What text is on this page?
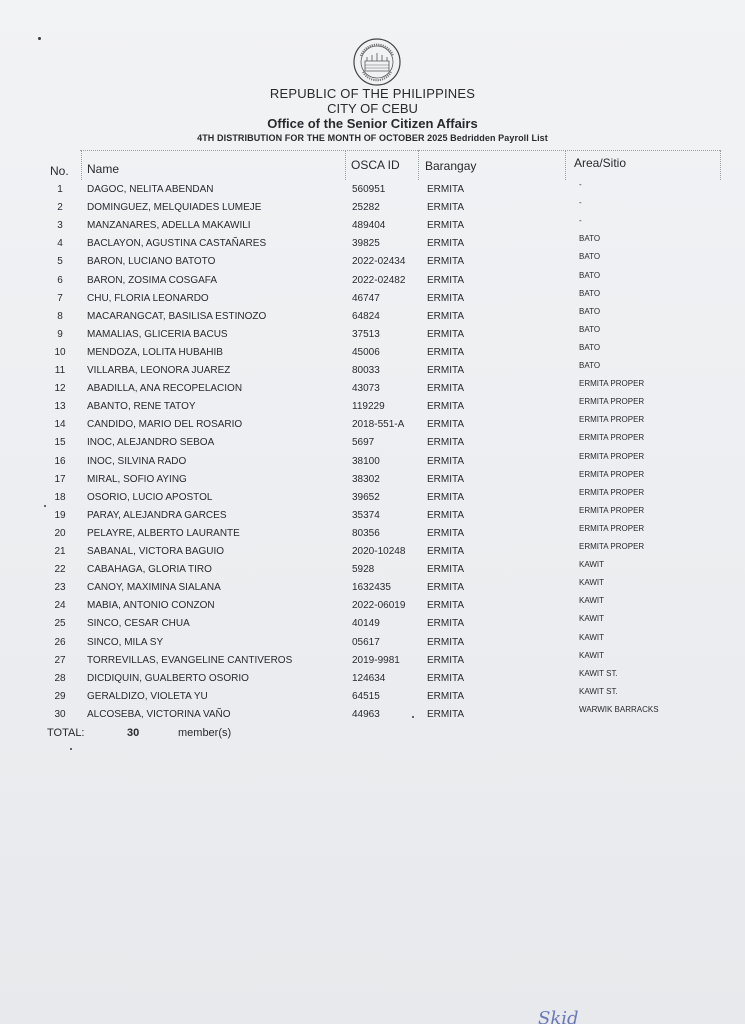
REPUBLIC OF THE PHILIPPINES
CITY OF CEBU
Office of the Senior Citizen Affairs
4TH DISTRIBUTION FOR THE MONTH OF OCTOBER 2025 Bedridden Payroll List
No. Name	OSCA ID Barangay	Area/Sitio
1	DAGOC, NELITA ABENDAN	560951	ERMITA	-
2	DOMINGUEZ, MELQUIADES LUMEJE	25282	ERMITA	-
3	MANZANARES, ADELLA MAKAWILI	489404	ERMITA	-
4	BACLAYON, AGUSTINA CASTAÑARES	39825	ERMITA	BATO
5	BARON, LUCIANO BATOTO	2022-02434 ERMITA	BATO
6	BARON, ZOSIMA COSGAFA	2022-02482 ERMITA	BATO
7	CHU, FLORIA LEONARDO	46747	ERMITA	BATO
8	MACARANGCAT, BASILISA ESTINOZO	64824	ERMITA	BATO
9	MAMALIAS, GLICERIA BACUS	37513	ERMITA	BATO
10	MENDOZA, LOLITA HUBAHIB	45006	ERMITA	BATO
11	VILLARBA, LEONORA JUAREZ	80033	ERMITA	BATO
12	ABADILLA, ANA RECOPELACION	43073	ERMITA	ERMITA PROPER
13	ABANTO, RENE TATOY	119229	ERMITA	ERMITA PROPER
14	CANDIDO, MARIO DEL ROSARIO	2018-551-A ERMITA	ERMITA PROPER
15	INOC, ALEJANDRO SEBOA	5697	ERMITA	ERMITA PROPER
16	INOC, SILVINA RADO	38100	ERMITA	ERMITA PROPER
17	MIRAL, SOFIO AYING	38302	ERMITA	ERMITA PROPER
18	OSORIO, LUCIO APOSTOL	39652	ERMITA	ERMITA PROPER
19	PARAY, ALEJANDRA GARCES	35374	ERMITA	ERMITA PROPER
20	PELAYRE, ALBERTO LAURANTE	80356	ERMITA	ERMITA PROPER
21	SABANAL, VICTORA BAGUIO	2020-10248 ERMITA	ERMITA PROPER
22	CABAHAGA, GLORIA TIRO	5928	ERMITA	KAWIT
23	CANOY, MAXIMINA SIALANA	1632435	ERMITA	KAWIT
24	MABIA, ANTONIO CONZON	2022-06019 ERMITA	KAWIT
25	SINCO, CESAR CHUA	40149	ERMITA	KAWIT
26	SINCO, MILA SY	05617	ERMITA	KAWIT
27	TORREVILLAS, EVANGELINE CANTIVEROS	2019-9981	ERMITA	KAWIT
28	DICDIQUIN, GUALBERTO OSORIO	124634	ERMITA	KAWIT ST.
29	GERALDIZO, VIOLETA YU	64515	ERMITA	KAWIT ST.
30	ALCOSEBA, VICTORINA VAÑO	44963	ERMITA	WARWIK BARRACKS
TOTAL:	30	member(s)
Skid
